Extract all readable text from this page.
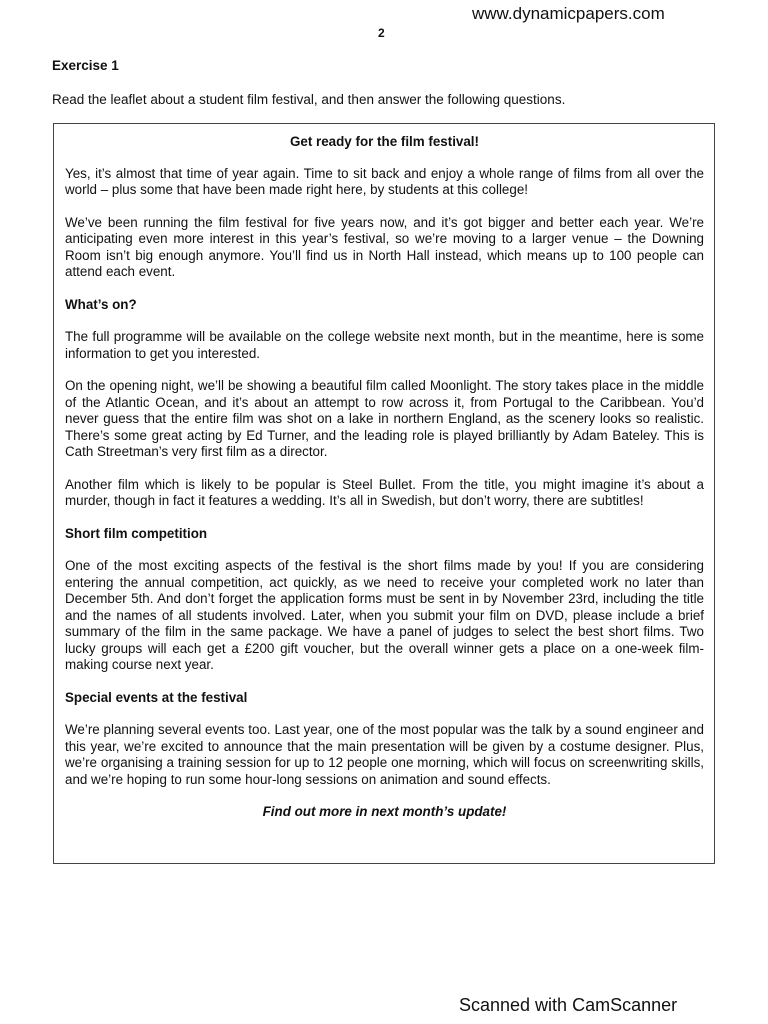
www.dynamicpapers.com
2
Exercise 1
Read the leaflet about a student film festival, and then answer the following questions.

Get ready for the film festival!

Yes, it’s almost that time of year again. Time to sit back and enjoy a whole range of films from all over the world – plus some that have been made right here, by students at this college!

We’ve been running the film festival for five years now, and it’s got bigger and better each year. We’re anticipating even more interest in this year’s festival, so we’re moving to a larger venue – the Downing Room isn’t big enough anymore. You’ll find us in North Hall instead, which means up to 100 people can attend each event.

What’s on?

The full programme will be available on the college website next month, but in the meantime, here is some information to get you interested.

On the opening night, we’ll be showing a beautiful film called Moonlight. The story takes place in the middle of the Atlantic Ocean, and it’s about an attempt to row across it, from Portugal to the Caribbean. You’d never guess that the entire film was shot on a lake in northern England, as the scenery looks so realistic. There’s some great acting by Ed Turner, and the leading role is played brilliantly by Adam Bateley. This is Cath Streetman’s very first film as a director.

Another film which is likely to be popular is Steel Bullet. From the title, you might imagine it’s about a murder, though in fact it features a wedding. It’s all in Swedish, but don’t worry, there are subtitles!

Short film competition

One of the most exciting aspects of the festival is the short films made by you! If you are considering entering the annual competition, act quickly, as we need to receive your completed work no later than December 5th. And don’t forget the application forms must be sent in by November 23rd, including the title and the names of all students involved. Later, when you submit your film on DVD, please include a brief summary of the film in the same package. We have a panel of judges to select the best short films. Two lucky groups will each get a £200 gift voucher, but the overall winner gets a place on a one-week film-making course next year.

Special events at the festival

We’re planning several events too. Last year, one of the most popular was the talk by a sound engineer and this year, we’re excited to announce that the main presentation will be given by a costume designer. Plus, we’re organising a training session for up to 12 people one morning, which will focus on screenwriting skills, and we’re hoping to run some hour-long sessions on animation and sound effects.

Find out more in next month’s update!

Scanned with CamScanner
